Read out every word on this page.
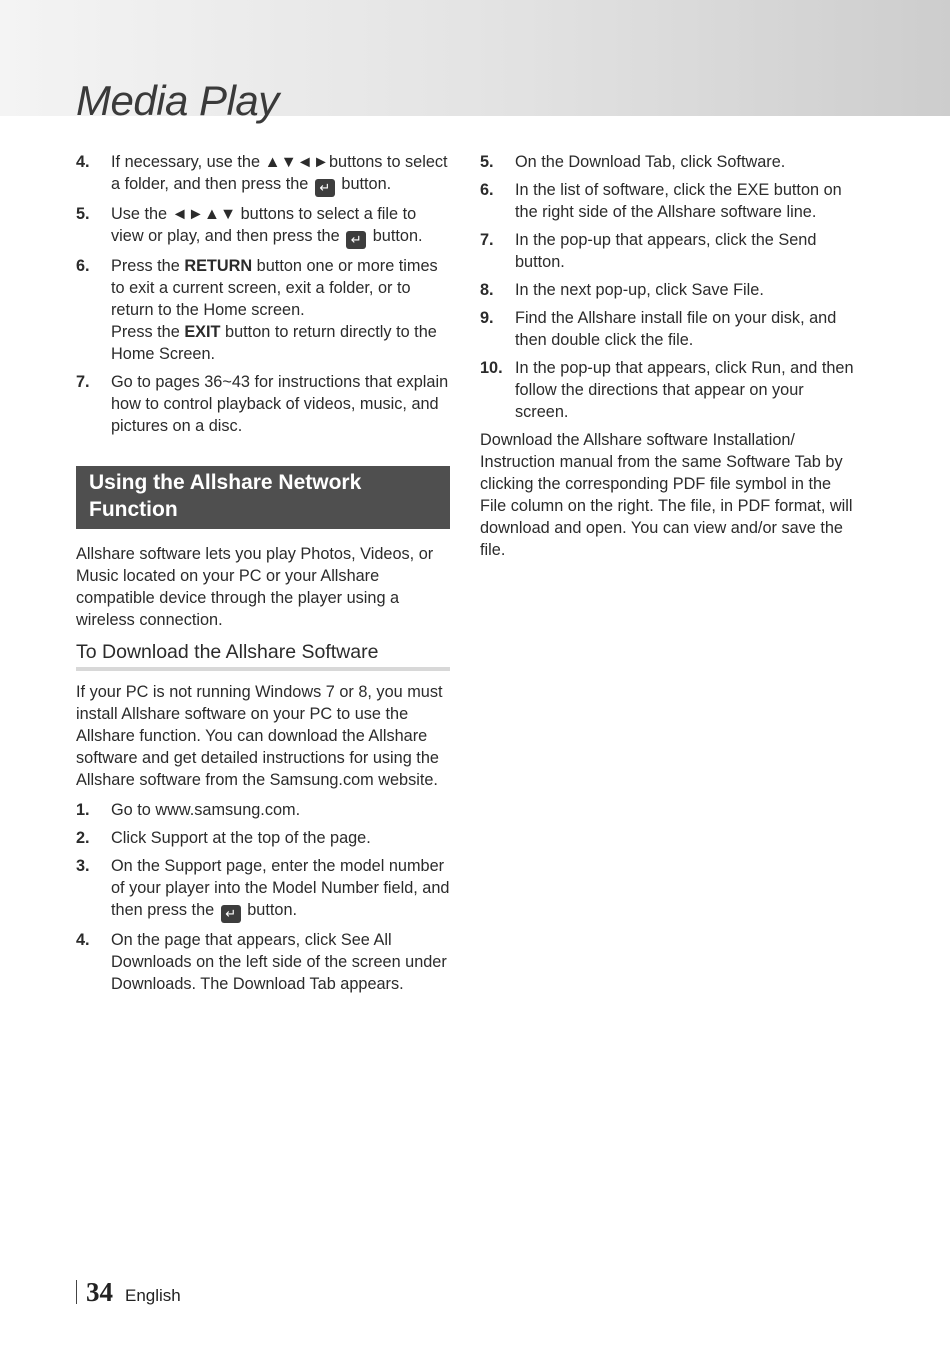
Media Play
4. If necessary, use the ▲▼◄►buttons to select a folder, and then press the ↵ button.
5. Use the ◄►▲▼ buttons to select a file to view or play, and then press the ↵ button.
6. Press the RETURN button one or more times to exit a current screen, exit a folder, or to return to the Home screen.
Press the EXIT button to return directly to the Home Screen.
7. Go to pages 36~43 for instructions that explain how to control playback of videos, music, and pictures on a disc.
Using the Allshare Network Function

Allshare software lets you play Photos, Videos, or Music located on your PC or your Allshare compatible device through the player using a wireless connection.

To Download the Allshare Software

If your PC is not running Windows 7 or 8, you must install Allshare software on your PC to use the Allshare function. You can download the Allshare software and get detailed instructions for using the Allshare software from the Samsung.com website.

1. Go to www.samsung.com.
2. Click Support at the top of the page.
3. On the Support page, enter the model number of your player into the Model Number field, and then press the ↵ button.
4. On the page that appears, click See All Downloads on the left side of the screen under Downloads. The Download Tab appears.
5. On the Download Tab, click Software.
6. In the list of software, click the EXE button on the right side of the Allshare software line.
7. In the pop-up that appears, click the Send button.
8. In the next pop-up, click Save File.
9. Find the Allshare install file on your disk, and then double click the file.
10. In the pop-up that appears, click Run, and then follow the directions that appear on your screen.

Download the Allshare software Installation/ Instruction manual from the same Software Tab by clicking the corresponding PDF file symbol in the File column on the right. The file, in PDF format, will download and open. You can view and/or save the file.

34 English
